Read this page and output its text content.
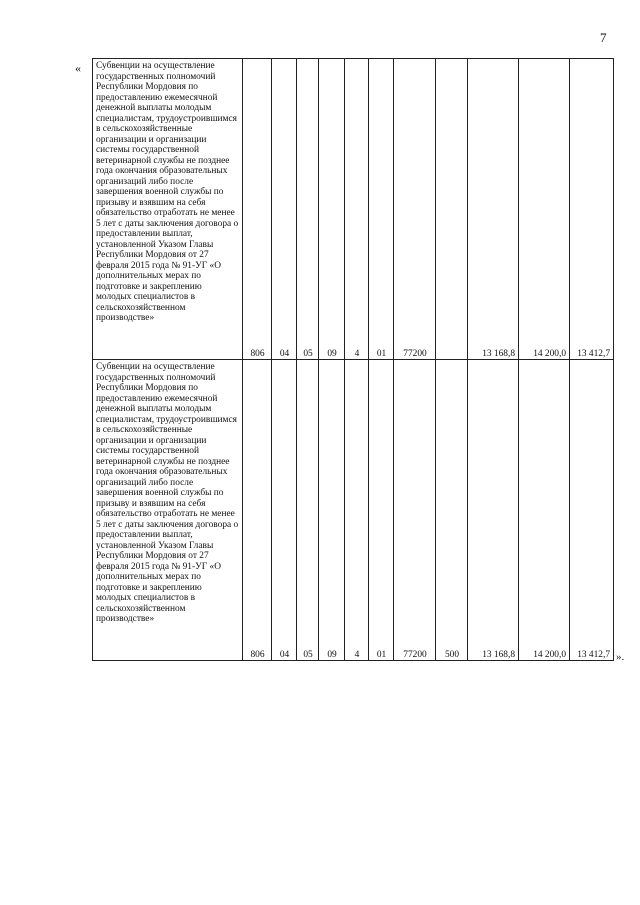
7
« Субвенции на осуществление государственных полномочий Республики Мордовия по предоставлению ежемесячной денежной выплаты молодым специалистам, трудоустроившимся в сельскохозяйственные организации и организации системы государственной ветеринарной службы не позднее года окончания образовательных организаций либо после завершения военной службы по призыву и взявшим на себя обязательство отработать не менее 5 лет с даты заключения договора о предоставлении выплат, установленной Указом Главы Республики Мордовия от 27 февраля 2015 года № 91-УГ «О дополнительных мерах по подготовке и закреплению молодых специалистов в сельскохозяйственном производстве»	806	04	05	09	4	01	77200		13 168,8	14 200,0	13 412,7

Субвенции на осуществление государственных полномочий Республики Мордовия по предоставлению ежемесячной денежной выплаты молодым специалистам, трудоустроившимся в сельскохозяйственные организации и организации системы государственной ветеринарной службы не позднее года окончания образовательных организаций либо после завершения военной службы по призыву и взявшим на себя обязательство отработать не менее 5 лет с даты заключения договора о предоставлении выплат, установленной Указом Главы Республики Мордовия от 27 февраля 2015 года № 91-УГ «О дополнительных мерах по подготовке и закреплению молодых специалистов в сельскохозяйственном производстве»	806	04	05	09	4	01	77200	500	13 168,8	14 200,0	13 412,7 ».
